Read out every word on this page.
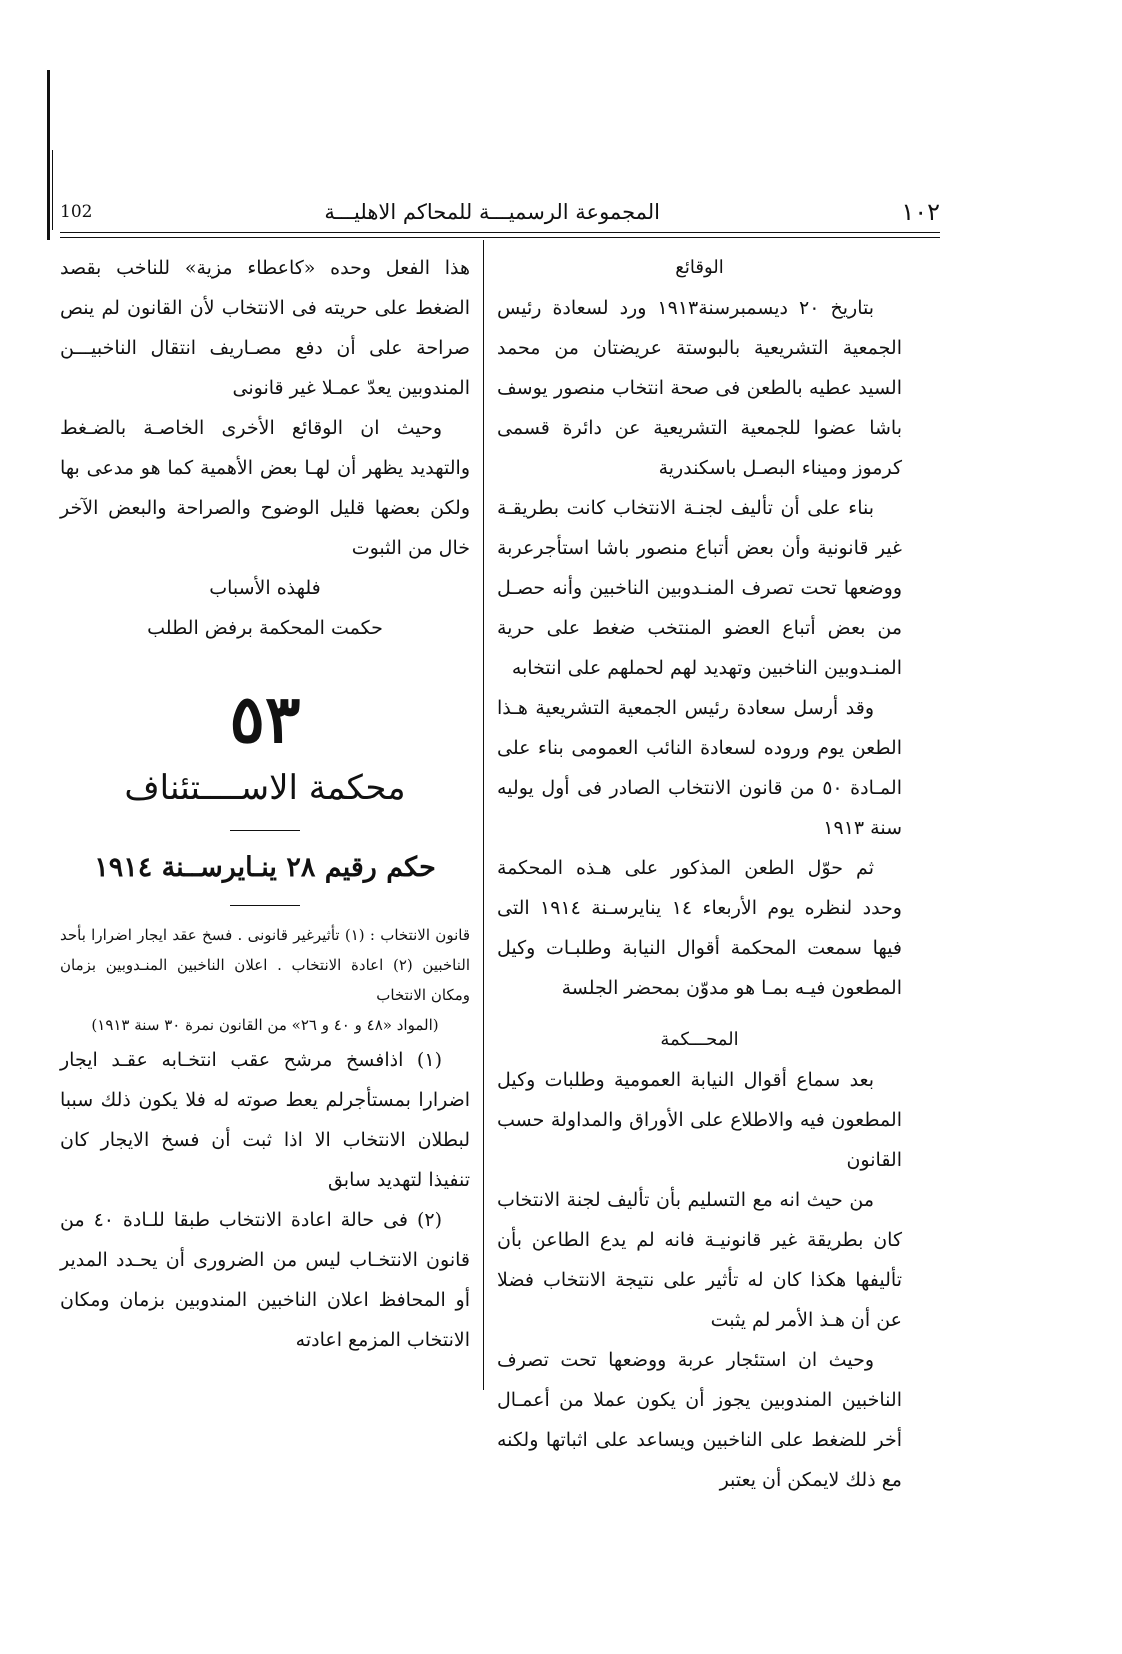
١٠٢
المجموعة الرسميـــة للمحاكم الاهليـــة
102

الوقائع

بتاريخ ٢٠ ديسمبرسنة١٩١٣ ورد لسعادة رئيس الجمعية التشريعية بالبوستة عريضتان من محمد السيد عطيه بالطعن فى صحة انتخاب منصور يوسف باشا عضوا للجمعية التشريعية عن دائرة قسمى كرموز وميناء البصـل باسكندرية

بناء على أن تأليف لجنـة الانتخاب كانت بطريقـة غير قانونية وأن بعض أتباع منصور باشا استأجرعربة ووضعها تحت تصرف المنـدوبين الناخبين وأنه حصـل من بعض أتباع العضو المنتخب ضغط على حرية المنـدوبين الناخبين وتهديد لهم لحملهم على انتخابه

وقد أرسل سعادة رئيس الجمعية التشريعية هـذا الطعن يوم وروده لسعادة النائب العمومى بناء على المـادة ٥٠ من قانون الانتخاب الصادر فى أول يوليه سنة ١٩١٣

ثم حوّل الطعن المذكور على هـذه المحكمة وحدد لنظره يوم الأربعاء ١٤ ينايرسـنة ١٩١٤ التى فيها سمعت المحكمة أقوال النيابة وطلبـات وكيل المطعون فيـه بمـا هو مدوّن بمحضر الجلسة

المحـــكمة

بعد سماع أقوال النيابة العمومية وطلبات وكيل المطعون فيه والاطلاع على الأوراق والمداولة حسب القانون

من حيث انه مع التسليم بأن تأليف لجنة الانتخاب كان بطريقة غير قانونيـة فانه لم يدع الطاعن بأن تأليفها هكذا كان له تأثير على نتيجة الانتخاب فضلا عن أن هـذ الأمر لم يثبت

وحيث ان استئجار عربة ووضعها تحت تصرف الناخبين المندوبين يجوز أن يكون عملا من أعمـال أخر للضغط على الناخبين ويساعد على اثباتها ولكنه مع ذلك لايمكن أن يعتبر

هذا الفعل وحده «كاعطاء مزية» للناخب بقصد الضغط على حريته فى الانتخاب لأن القانون لم ينص صراحة على أن دفع مصـاريف انتقال الناخبيـــن المندوبين يعدّ عمـلا غير قانونى

وحيث ان الوقائع الأخرى الخاصـة بالضـغط والتهديد يظهر أن لهـا بعض الأهمية كما هو مدعى بها ولكن بعضها قليل الوضوح والصراحة والبعض الآخر خال من الثبوت

فلهذه الأسباب

حكمت المحكمة برفض الطلب

٥٣
محكمة الاســــتئناف
حكم رقيم ٢٨ ينـايرســنة ١٩١٤

قانون الانتخاب : (١) تأثيرغير قانونى . فسخ عقد ايجار اضرارا بأحد الناخبين (٢) اعادة الانتخاب . اعلان الناخبين المنـدوبين بزمان ومكان الانتخاب

(المواد «٤٨ و ٤٠ و ٢٦» من القانون نمرة ٣٠ سنة ١٩١٣)

(١) اذافسخ مرشح عقب انتخـابه عقـد ايجار اضرارا بمستأجرلم يعط صوته له فلا يكون ذلك سببا لبطلان الانتخاب الا اذا ثبت أن فسخ الايجار كان تنفيذا لتهديد سابق

(٢) فى حالة اعادة الانتخاب طبقا للـادة ٤٠ من قانون الانتخـاب ليس من الضرورى أن يحـدد المدير أو المحافظ اعلان الناخبين المندوبين بزمان ومكان الانتخاب المزمع اعادته
